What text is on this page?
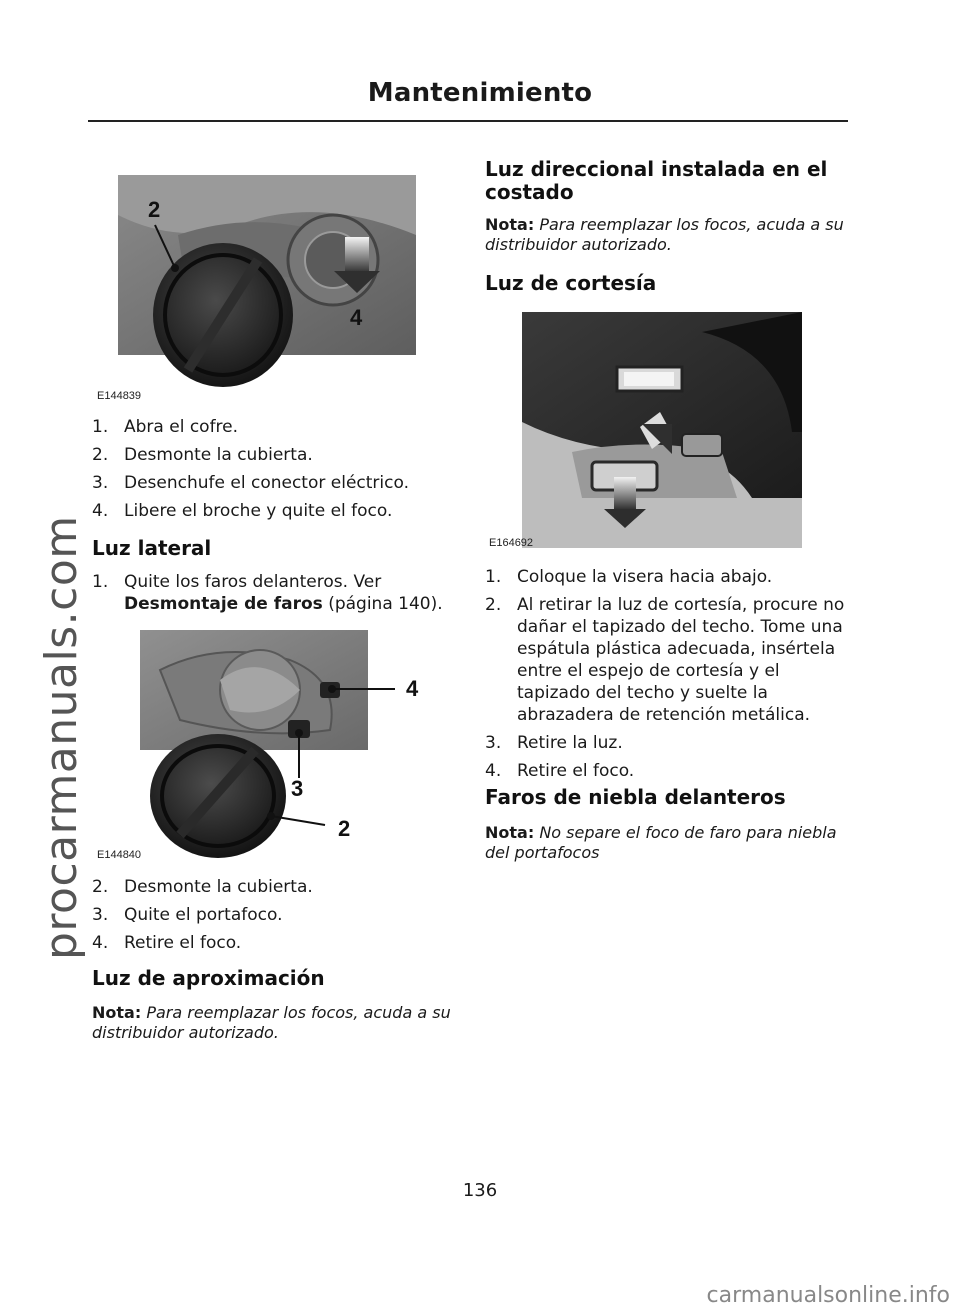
Mantenimiento
procarmanuals.com
2
4
E144839
1. Abra el cofre.
2. Desmonte la cubierta.
3. Desenchufe el conector eléctrico.
4. Libere el broche y quite el foco.
Luz lateral
1. Quite los faros delanteros. Ver
Desmontaje de faros (página 140).
4
3
2
E144840
2. Desmonte la cubierta.
3. Quite el portafoco.
4. Retire el foco.
Luz de aproximación
Nota: Para reemplazar los focos, acuda a su distribuidor autorizado.
Luz direccional instalada en el costado
Nota: Para reemplazar los focos, acuda a su distribuidor autorizado.
Luz de cortesía
E164692
1. Coloque la visera hacia abajo.
2. Al retirar la luz de cortesía, procure no dañar el tapizado del techo. Tome una espátula plástica adecuada, insértela entre el espejo de cortesía y el tapizado del techo y suelte la abrazadera de retención metálica.
3. Retire la luz.
4. Retire el foco.
Faros de niebla delanteros
Nota: No separe el foco de faro para niebla del portafocos
136
carmanualsonline.info
